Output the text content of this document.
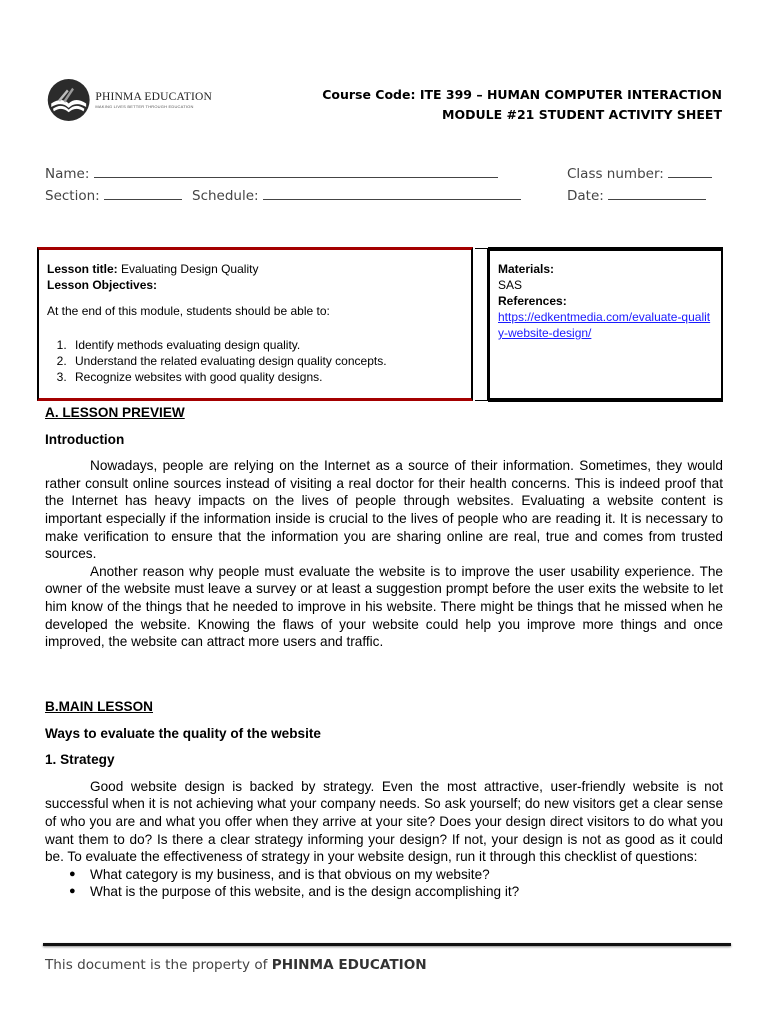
PHINMA EDUCATION
MAKING LIVES BETTER THROUGH EDUCATION
Course Code: ITE 399 – HUMAN COMPUTER INTERACTION
MODULE #21 STUDENT ACTIVITY SHEET
Name:	Class number:
Section:	Schedule:	Date:
Lesson title: Evaluating Design Quality
Lesson Objectives:
At the end of this module, students should be able to:
1. Identify methods evaluating design quality.
2. Understand the related evaluating design quality concepts.
3. Recognize websites with good quality designs.
Materials:
SAS
References:
https://edkentmedia.com/evaluate-quality-website-design/
A. LESSON PREVIEW
Introduction

Nowadays, people are relying on the Internet as a source of their information. Sometimes, they would rather consult online sources instead of visiting a real doctor for their health concerns. This is indeed proof that the Internet has heavy impacts on the lives of people through websites. Evaluating a website content is important especially if the information inside is crucial to the lives of people who are reading it. It is necessary to make verification to ensure that the information you are sharing online are real, true and comes from trusted sources.

Another reason why people must evaluate the website is to improve the user usability experience. The owner of the website must leave a survey or at least a suggestion prompt before the user exits the website to let him know of the things that he needed to improve in his website. There might be things that he missed when he developed the website. Knowing the flaws of your website could help you improve more things and once improved, the website can attract more users and traffic.

B.MAIN LESSON
Ways to evaluate the quality of the website
1. Strategy

Good website design is backed by strategy. Even the most attractive, user-friendly website is not successful when it is not achieving what your company needs. So ask yourself; do new visitors get a clear sense of who you are and what you offer when they arrive at your site? Does your design direct visitors to do what you want them to do? Is there a clear strategy informing your design? If not, your design is not as good as it could be. To evaluate the effectiveness of strategy in your website design, run it through this checklist of questions:

● What category is my business, and is that obvious on my website?
● What is the purpose of this website, and is the design accomplishing it?
This document is the property of PHINMA EDUCATION
